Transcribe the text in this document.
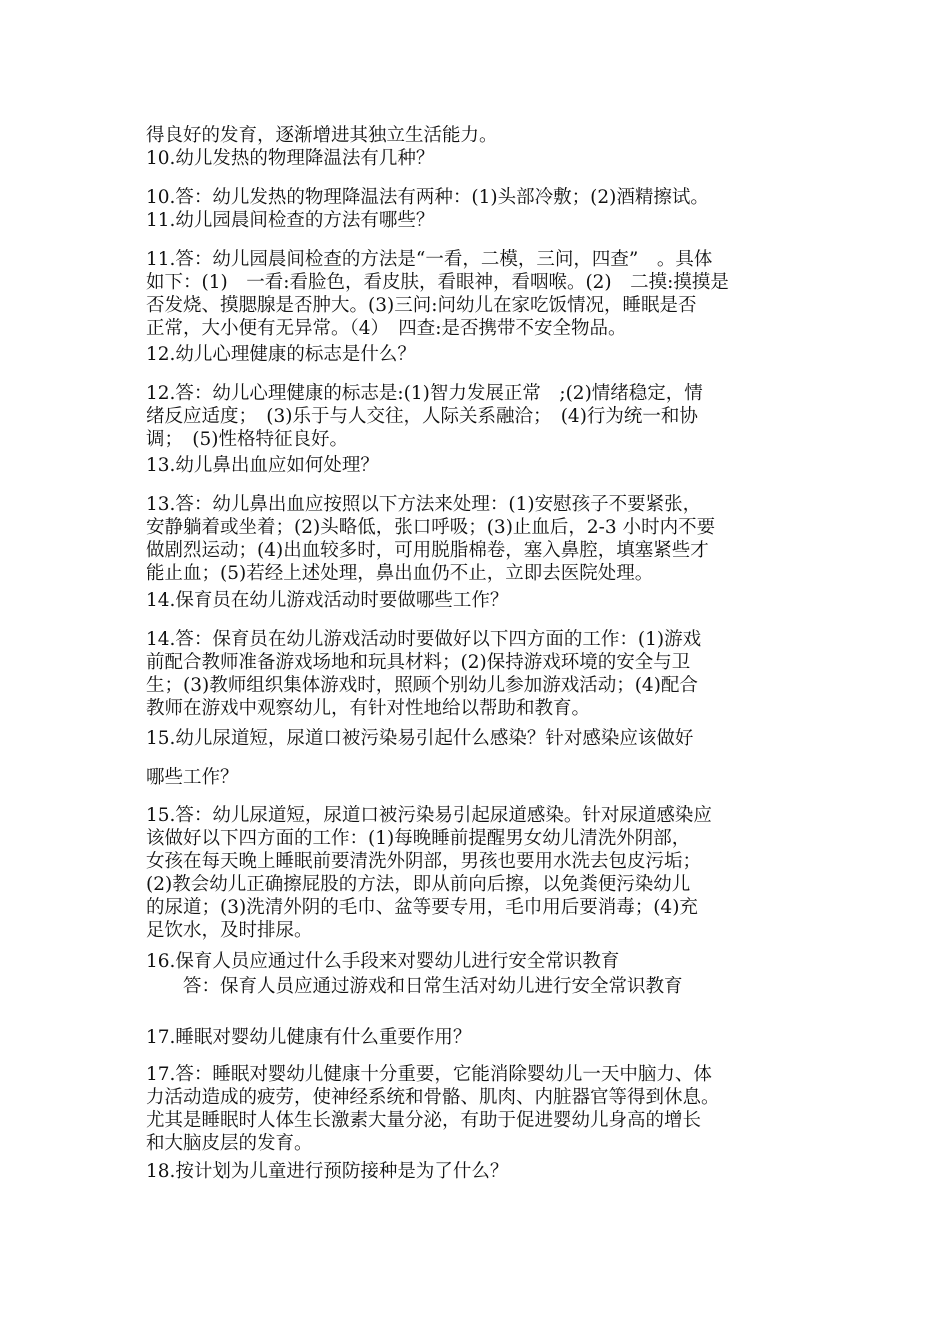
得良好的发育，逐渐增进其独立生活能力。

10.幼儿发热的物理降温法有几种？

10.答：幼儿发热的物理降温法有两种：(1)头部冷敷；(2)酒精擦试。

11.幼儿园晨间检查的方法有哪些？

11.答：幼儿园晨间检查的方法是“一看，二模，三问，四查”　。具体
如下：(1)　一看:看脸色，看皮肤，看眼神，看咽喉。(2)　二摸:摸摸是
否发烧、摸腮腺是否肿大。(3)三问:问幼儿在家吃饭情况，睡眠是否
正常，大小便有无异常。（4）　四查:是否携带不安全物品。

12.幼儿心理健康的标志是什么？

12.答：幼儿心理健康的标志是:(1)智力发展正常　;(2)情绪稳定，情
绪反应适度；　(3)乐于与人交往，人际关系融洽；　(4)行为统一和协
调；　(5)性格特征良好。

13.幼儿鼻出血应如何处理？

13.答：幼儿鼻出血应按照以下方法来处理：(1)安慰孩子不要紧张，
安静躺着或坐着；(2)头略低，张口呼吸；(3)止血后，2-3 小时内不要
做剧烈运动；(4)出血较多时，可用脱脂棉卷，塞入鼻腔，填塞紧些才
能止血；(5)若经上述处理，鼻出血仍不止，立即去医院处理。

14.保育员在幼儿游戏活动时要做哪些工作？

14.答：保育员在幼儿游戏活动时要做好以下四方面的工作：(1)游戏
前配合教师准备游戏场地和玩具材料；(2)保持游戏环境的安全与卫
生；(3)教师组织集体游戏时，照顾个别幼儿参加游戏活动；(4)配合
教师在游戏中观察幼儿，有针对性地给以帮助和教育。

15.幼儿尿道短，尿道口被污染易引起什么感染？针对感染应该做好

哪些工作？

15.答：幼儿尿道短，尿道口被污染易引起尿道感染。针对尿道感染应
该做好以下四方面的工作：(1)每晚睡前提醒男女幼儿清洗外阴部，
女孩在每天晚上睡眠前要清洗外阴部，男孩也要用水洗去包皮污垢；
(2)教会幼儿正确擦屁股的方法，即从前向后擦，以免粪便污染幼儿
的尿道；(3)洗清外阴的毛巾、盆等要专用，毛巾用后要消毒；(4)充
足饮水，及时排尿。

16.保育人员应通过什么手段来对婴幼儿进行安全常识教育

　　答：保育人员应通过游戏和日常生活对幼儿进行安全常识教育

17.睡眠对婴幼儿健康有什么重要作用？

17.答：睡眠对婴幼儿健康十分重要，它能消除婴幼儿一天中脑力、体
力活动造成的疲劳，使神经系统和骨骼、肌肉、内脏器官等得到休息。
尤其是睡眠时人体生长激素大量分泌，有助于促进婴幼儿身高的增长
和大脑皮层的发育。

18.按计划为儿童进行预防接种是为了什么？
